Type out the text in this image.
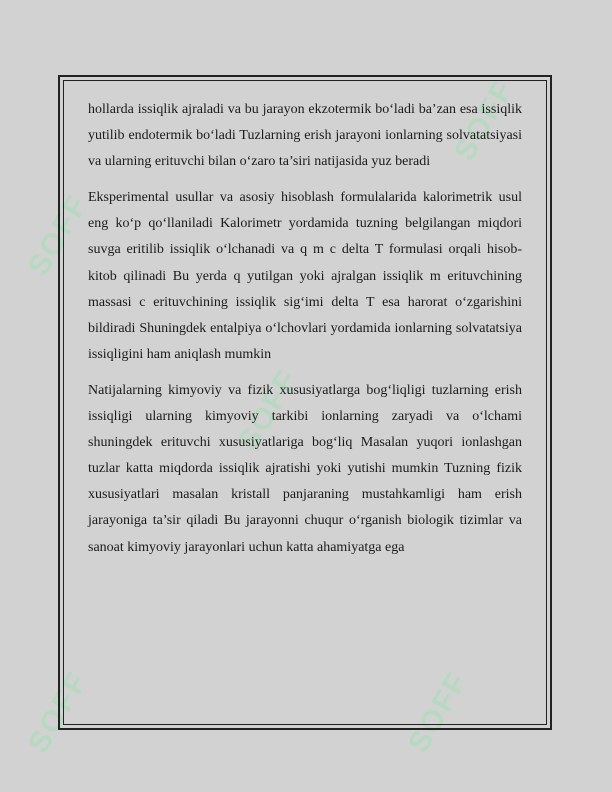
SOFF
SOFF
SOFF
SOFF	SOFF

hollarda issiqlik ajraladi va bu jarayon ekzotermik bo‘ladi ba’zan esa issiqlik yutilib endotermik bo‘ladi Tuzlarning erish jarayoni ionlarning solvatatsiyasi va ularning erituvchi bilan o‘zaro ta’siri natijasida yuz beradi

Eksperimental usullar va asosiy hisoblash formulalarida kalorimetrik usul eng ko‘p qo‘llaniladi Kalorimetr yordamida tuzning belgilangan miqdori suvga eritilib issiqlik o‘lchanadi va q m c delta T formulasi orqali hisob-kitob qilinadi Bu yerda q yutilgan yoki ajralgan issiqlik m erituvchining massasi c erituvchining issiqlik sig‘imi delta T esa harorat o‘zgarishini bildiradi Shuningdek entalpiya o‘lchovlari yordamida ionlarning solvatatsiya issiqligini ham aniqlash mumkin

Natijalarning kimyoviy va fizik xususiyatlarga bog‘liqligi tuzlarning erish issiqligi ularning kimyoviy tarkibi ionlarning zaryadi va o‘lchami shuningdek erituvchi xususiyatlariga bog‘liq Masalan yuqori ionlashgan tuzlar katta miqdorda issiqlik ajratishi yoki yutishi mumkin Tuzning fizik xususiyatlari masalan kristall panjaraning mustahkamligi ham erish jarayoniga ta’sir qiladi Bu jarayonni chuqur o‘rganish biologik tizimlar va sanoat kimyoviy jarayonlari uchun katta ahamiyatga ega
